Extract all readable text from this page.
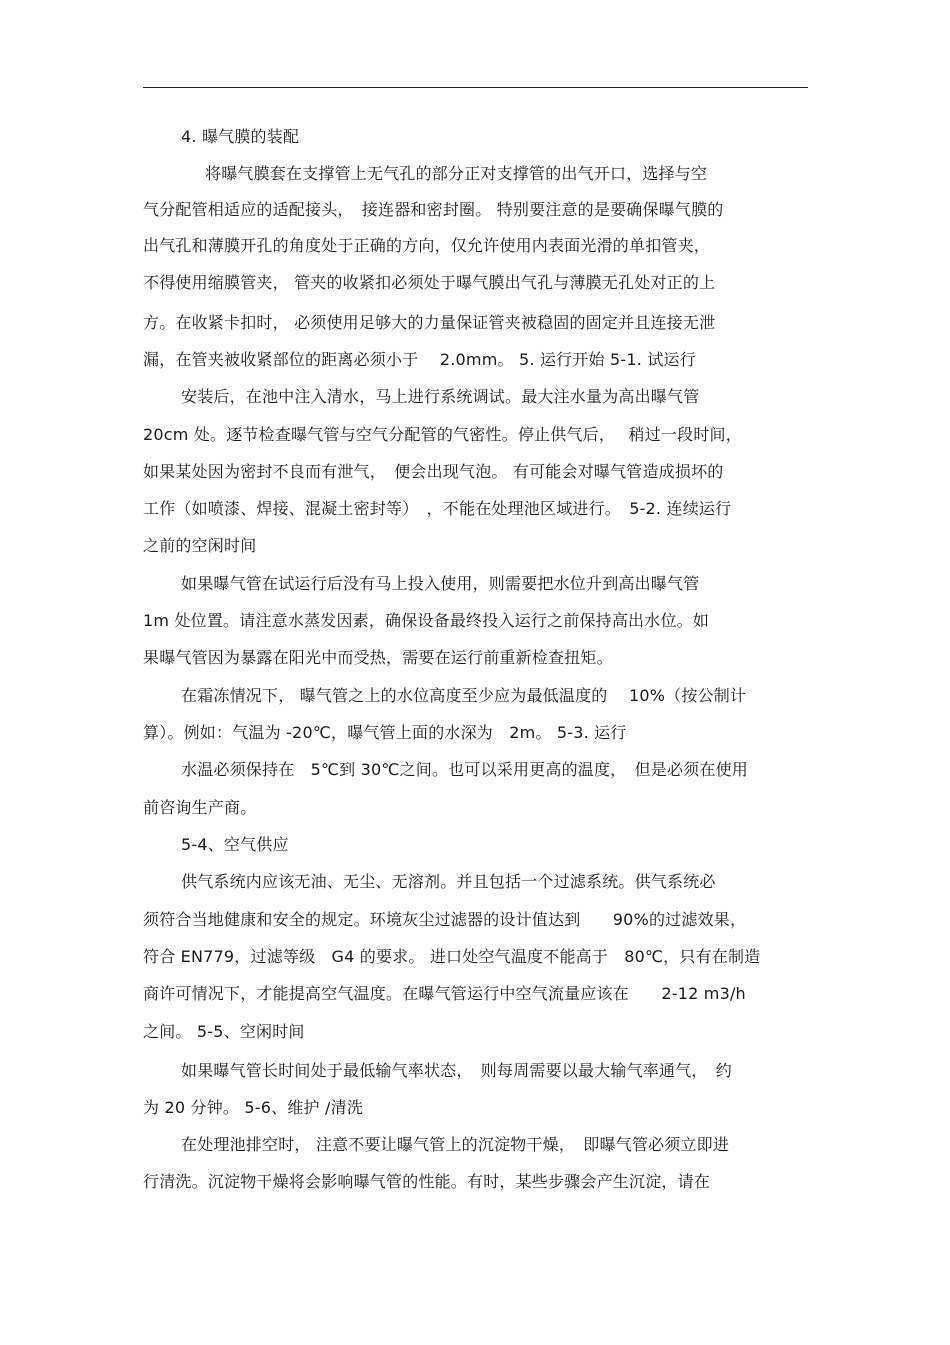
4. 曝气膜的装配
将曝气膜套在支撑管上无气孔的部分正对支撑管的出气开口，选择与空
气分配管相适应的适配接头，　接连器和密封圈。 特别要注意的是要确保曝气膜的
出气孔和薄膜开孔的角度处于正确的方向，仅允许使用内表面光滑的单扣管夹，
不得使用缩膜管夹， 管夹的收紧扣必须处于曝气膜出气孔与薄膜无孔处对正的上
方。在收紧卡扣时， 必须使用足够大的力量保证管夹被稳固的固定并且连接无泄
漏，在管夹被收紧部位的距离必须小于　 2.0mm。 5. 运行开始 5-1. 试运行
安装后，在池中注入清水，马上进行系统调试。最大注水量为高出曝气管
20cm 处。逐节检查曝气管与空气分配管的气密性。停止供气后，　 稍过一段时间，
如果某处因为密封不良而有泄气，　便会出现气泡。 有可能会对曝气管造成损坏的
工作（如喷漆、焊接、混凝土密封等）　，不能在处理池区域进行。　5-2. 连续运行
之前的空闲时间
如果曝气管在试运行后没有马上投入使用，则需要把水位升到高出曝气管
1m 处位置。请注意水蒸发因素，确保设备最终投入运行之前保持高出水位。如
果曝气管因为暴露在阳光中而受热，需要在运行前重新检查扭矩。
在霜冻情况下， 曝气管之上的水位高度至少应为最低温度的　 10%（按公制计
算）。例如：气温为 -20℃，曝气管上面的水深为　2m。 5-3. 运行
水温必须保持在　5℃到 30℃之间。也可以采用更高的温度，　但是必须在使用
前咨询生产商。
5-4、空气供应
供气系统内应该无油、无尘、无溶剂。并且包括一个过滤系统。供气系统必
须符合当地健康和安全的规定。环境灰尘过滤器的设计值达到　　90%的过滤效果，
符合 EN779，过滤等级　G4 的要求。 进口处空气温度不能高于　80℃，只有在制造
商许可情况下，才能提高空气温度。在曝气管运行中空气流量应该在　　2-12 m3/h
之间。 5-5、空闲时间
如果曝气管长时间处于最低输气率状态，　则每周需要以最大输气率通气，　约
为 20 分钟。 5-6、维护 /清洗
在处理池排空时， 注意不要让曝气管上的沉淀物干燥，　即曝气管必须立即进
行清洗。沉淀物干燥将会影响曝气管的性能。有时，某些步骤会产生沉淀，请在
